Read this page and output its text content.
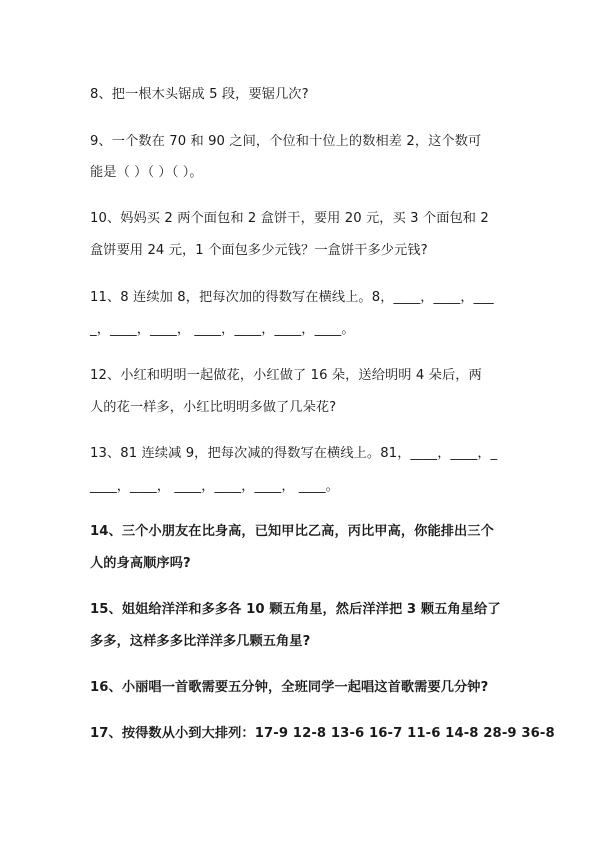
8、把一根木头锯成 5 段，要锯几次?
9、一个数在 70 和 90 之间，个位和十位上的数相差 2，这个数可
能是（ ）（ ）（ ）。
10、妈妈买 2 两个面包和 2 盒饼干，要用 20 元，买 3 个面包和 2
盒饼要用 24 元，1 个面包多少元钱？一盒饼干多少元钱?
11、8 连续加 8，把每次加的得数写在横线上。8，____，____，___
_，____，____， ____，____，____，____。
12、小红和明明一起做花，小红做了 16 朵，送给明明 4 朵后，两
人的花一样多，小红比明明多做了几朵花?
13、81 连续减 9，把每次减的得数写在横线上。81，____，____，_
____，____， ____，____，____， ____。
14、三个小朋友在比身高，已知甲比乙高，丙比甲高，你能排出三个
人的身高顺序吗?
15、姐姐给洋洋和多多各 10 颗五角星，然后洋洋把 3 颗五角星给了
多多，这样多多比洋洋多几颗五角星?
16、小丽唱一首歌需要五分钟，全班同学一起唱这首歌需要几分钟?
17、按得数从小到大排列：17-9 12-8 13-6 16-7 11-6 14-8 28-9 36-8
